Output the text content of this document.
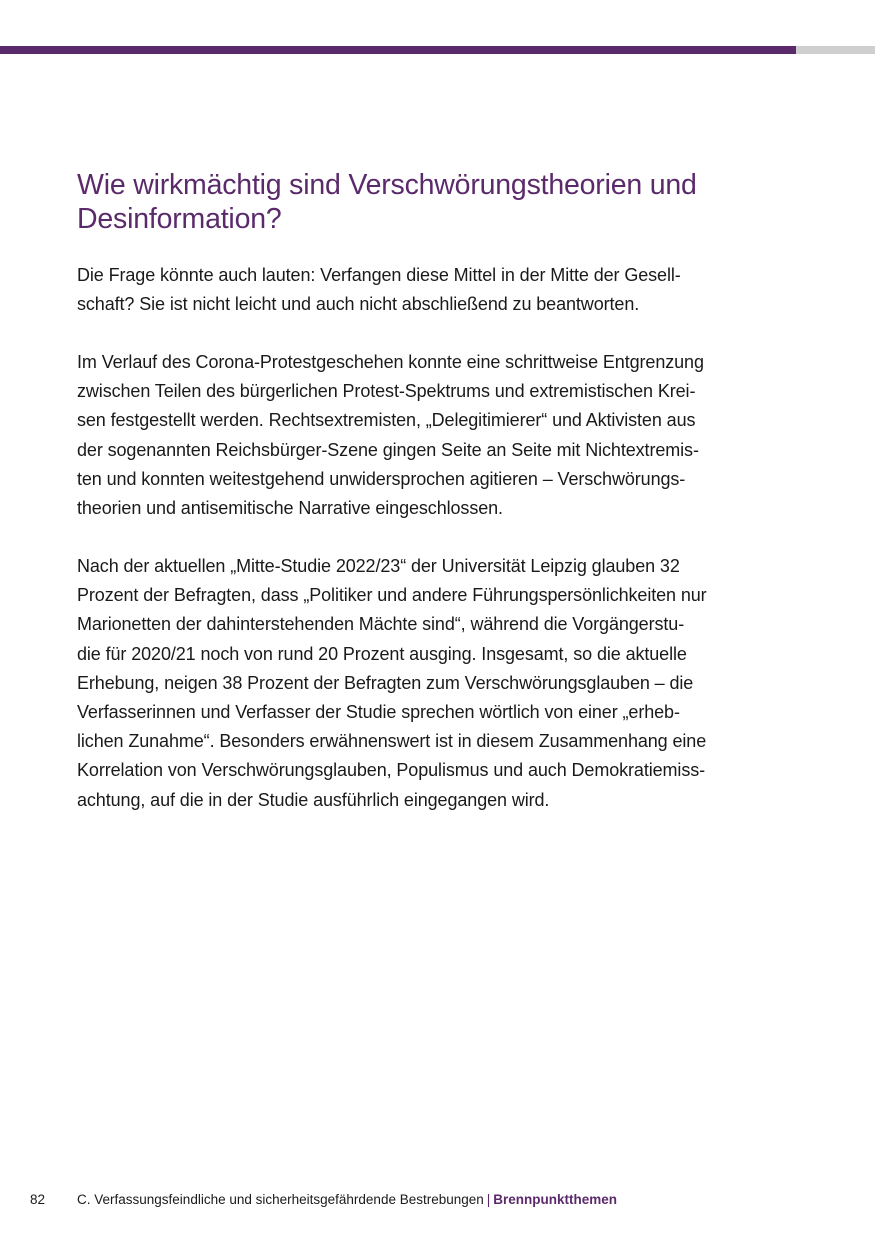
Wie wirkmächtig sind Verschwörungstheorien und
Desinformation?

Die Frage könnte auch lauten: Verfangen diese Mittel in der Mitte der Gesell-
schaft? Sie ist nicht leicht und auch nicht abschließend zu beantworten.

Im Verlauf des Corona-Protestgeschehen konnte eine schrittweise Entgrenzung
zwischen Teilen des bürgerlichen Protest-Spektrums und extremistischen Krei-
sen festgestellt werden. Rechtsextremisten, „Delegitimierer“ und Aktivisten aus
der sogenannten Reichsbürger-Szene gingen Seite an Seite mit Nichtextremis-
ten und konnten weitestgehend unwidersprochen agitieren – Verschwörungs-
theorien und antisemitische Narrative eingeschlossen.

Nach der aktuellen „Mitte-Studie 2022/23“ der Universität Leipzig glauben 32
Prozent der Befragten, dass „Politiker und andere Führungspersönlichkeiten nur
Marionetten der dahinterstehenden Mächte sind“, während die Vorgängerstu-
die für 2020/21 noch von rund 20 Prozent ausging. Insgesamt, so die aktuelle
Erhebung, neigen 38 Prozent der Befragten zum Verschwörungsglauben – die
Verfasserinnen und Verfasser der Studie sprechen wörtlich von einer „erheb-
lichen Zunahme“. Besonders erwähnenswert ist in diesem Zusammenhang eine
Korrelation von Verschwörungsglauben, Populismus und auch Demokratiemiss-
achtung, auf die in der Studie ausführlich eingegangen wird.

82 C. Verfassungsfeindliche und sicherheitsgefährdende Bestrebungen | Brennpunktthemen
